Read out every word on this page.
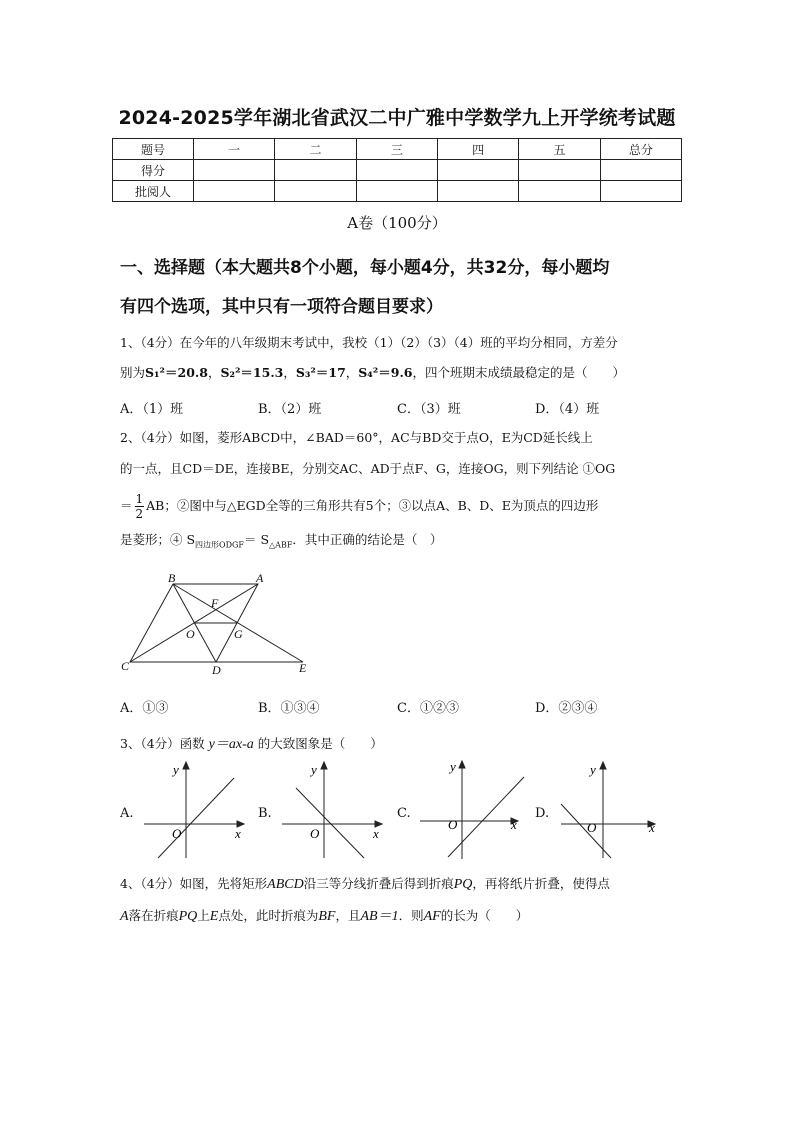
2024-2025学年湖北省武汉二中广雅中学数学九上开学统考试题
题号	一	二	三	四	五	总分
得分						
批阅人						
A卷（100分）
一、选择题（本大题共8个小题，每小题4分，共32分，每小题均
有四个选项，其中只有一项符合题目要求）
1、（4分）在今年的八年级期末考试中，我校（1）（2）（3）（4）班的平均分相同，方差分
别为S₁²＝20.8，S₂²＝15.3，S₃²＝17，S₄²＝9.6，四个班期末成绩最稳定的是（　　）
A．（1）班	B．（2）班	C．（3）班	D．（4）班
2、（4分）如图，菱形ABCD中，∠BAD＝60°，AC与BD交于点O，E为CD延长线上
的一点，且CD＝DE，连接BE，分别交AC、AD于点F、G，连接OG，则下列结论 ①OG
＝ $\frac{1}{2}$ AB；②图中与△EGD全等的三角形共有5个；③以点A、B、D、E为顶点的四边形
是菱形；④ $S_{四边形ODGF}= S_{\triangle ABF}$．其中正确的结论是（　）
B	A
F
O	G
C	D	E
A．①③	B．①③④	C．①②③	D．②③④
3、（4分）函数 y＝ax-a 的大致图象是（　　）
A.	B.	C.	D.
y
x
O
y
x
O
y
x
O
y
x
O
4、（4分）如图，先将矩形ABCD沿三等分线折叠后得到折痕PQ，再将纸片折叠，使得点
A落在折痕PQ上E点处，此时折痕为BF，且AB＝1．则AF的长为（　　）
